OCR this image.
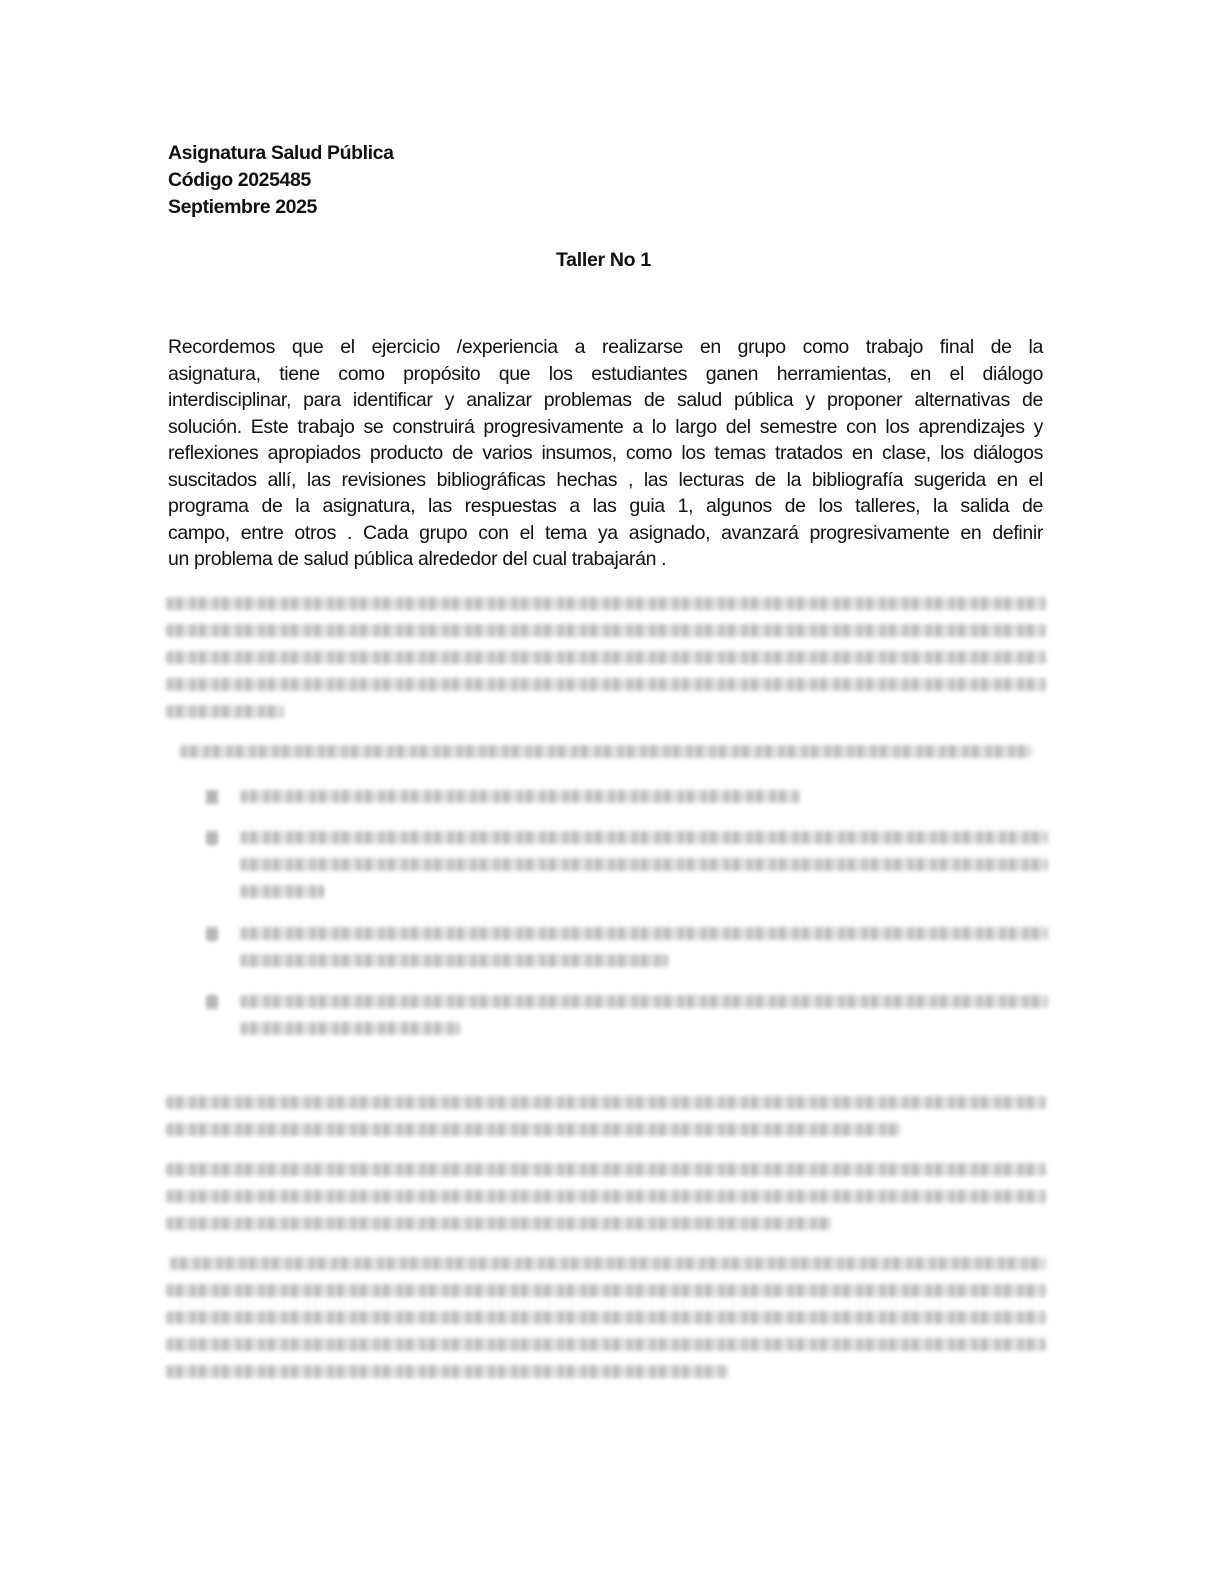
Asignatura Salud Pública
Código 2025485
Septiembre 2025
Taller No 1
Recordemos que el ejercicio /experiencia a realizarse en grupo como trabajo final de la
asignatura, tiene como propósito que los estudiantes ganen herramientas, en el diálogo
interdisciplinar, para identificar y analizar problemas de salud pública y proponer alternativas de
solución. Este trabajo se construirá progresivamente a lo largo del semestre con los aprendizajes y
reflexiones apropiados producto de varios insumos, como los temas tratados en clase, los diálogos
suscitados allí, las revisiones bibliográficas hechas , las lecturas de la bibliografía sugerida en el
programa de la asignatura, las respuestas a las guia 1, algunos de los talleres, la salida de
campo, entre otros . Cada grupo con el tema ya asignado, avanzará progresivamente en definir
un problema de salud pública alrededor del cual trabajarán .
